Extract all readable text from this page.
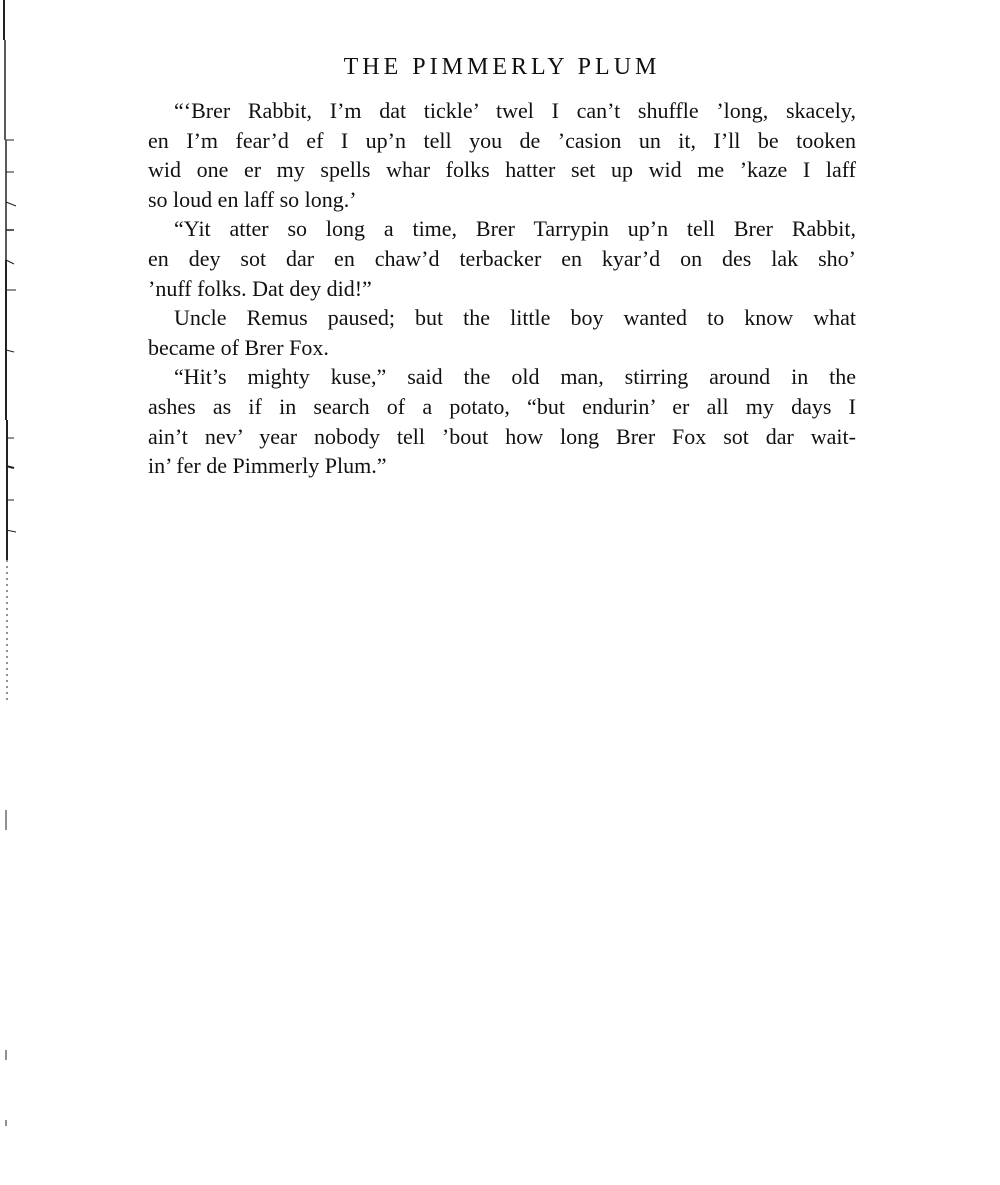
THE PIMMERLY PLUM

“‘Brer Rabbit, I’m dat tickle’ twel I can’t shuffle ’long, skacely,
en I’m fear’d ef I up’n tell you de ’casion un it, I’ll be tooken
wid one er my spells whar folks hatter set up wid me ’kaze I laff
so loud en laff so long.’

“Yit atter so long a time, Brer Tarrypin up’n tell Brer Rabbit,
en dey sot dar en chaw’d terbacker en kyar’d on des lak sho’
’nuff folks. Dat dey did!”

Uncle Remus paused; but the little boy wanted to know what
became of Brer Fox.

“Hit’s mighty kuse,” said the old man, stirring around in the
ashes as if in search of a potato, “but endurin’ er all my days I
ain’t nev’ year nobody tell ’bout how long Brer Fox sot dar wait-
in’ fer de Pimmerly Plum.”
